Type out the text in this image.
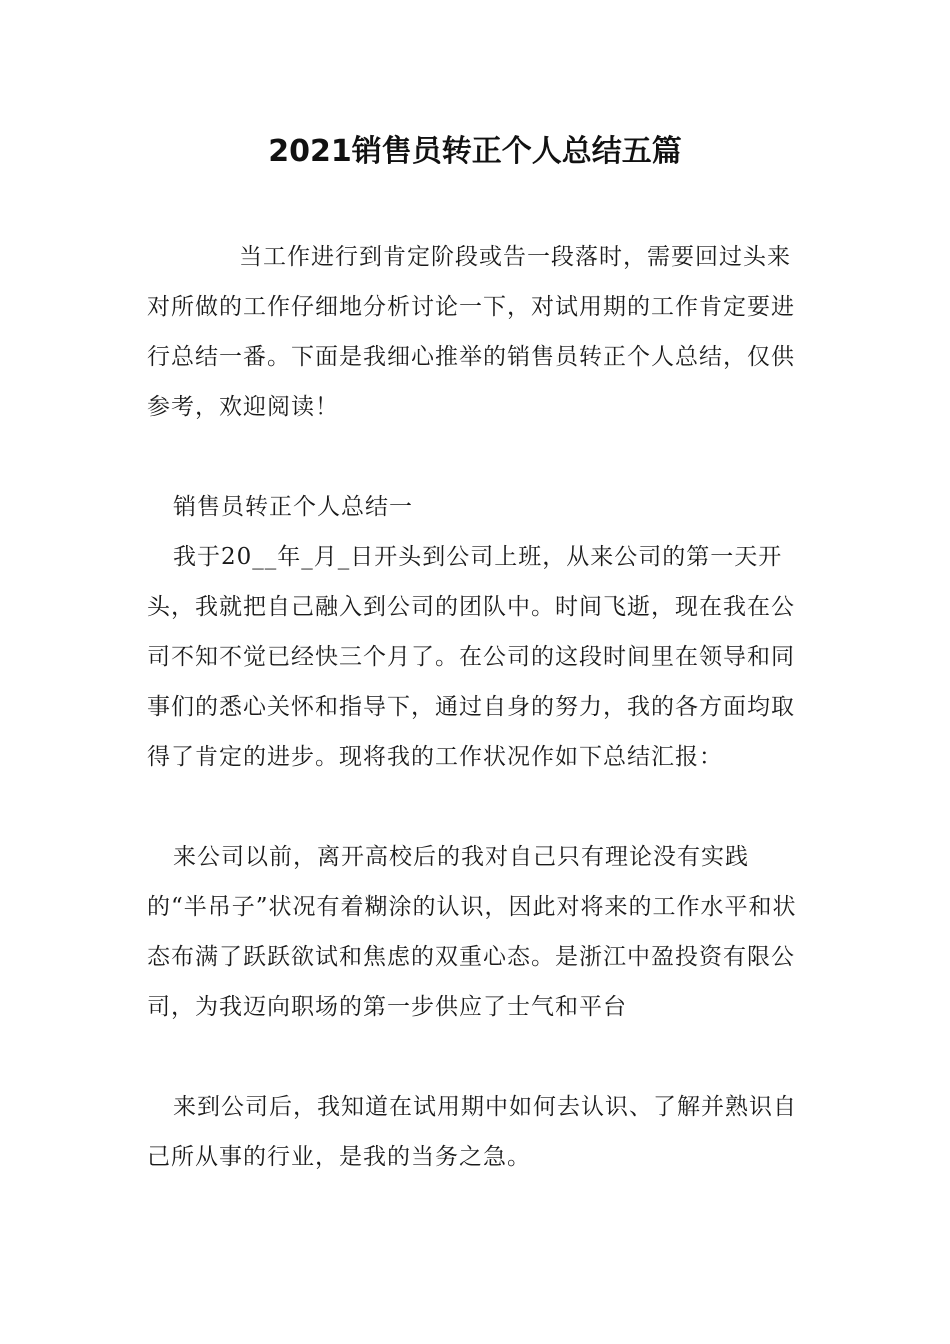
2021销售员转正个人总结五篇

当工作进行到肯定阶段或告一段落时，需要回过头来对所做的工作仔细地分析讨论一下，对试用期的工作肯定要进行总结一番。下面是我细心推举的销售员转正个人总结，仅供参考，欢迎阅读！

销售员转正个人总结一

我于20__年_月_日开头到公司上班，从来公司的第一天开头，我就把自己融入到公司的团队中。时间飞逝，现在我在公司不知不觉已经快三个月了。在公司的这段时间里在领导和同事们的悉心关怀和指导下，通过自身的努力，我的各方面均取得了肯定的进步。现将我的工作状况作如下总结汇报：

来公司以前，离开高校后的我对自己只有理论没有实践的“半吊子”状况有着糊涂的认识，因此对将来的工作水平和状态布满了跃跃欲试和焦虑的双重心态。是浙江中盈投资有限公司，为我迈向职场的第一步供应了士气和平台

来到公司后，我知道在试用期中如何去认识、了解并熟识自己所从事的行业，是我的当务之急。
